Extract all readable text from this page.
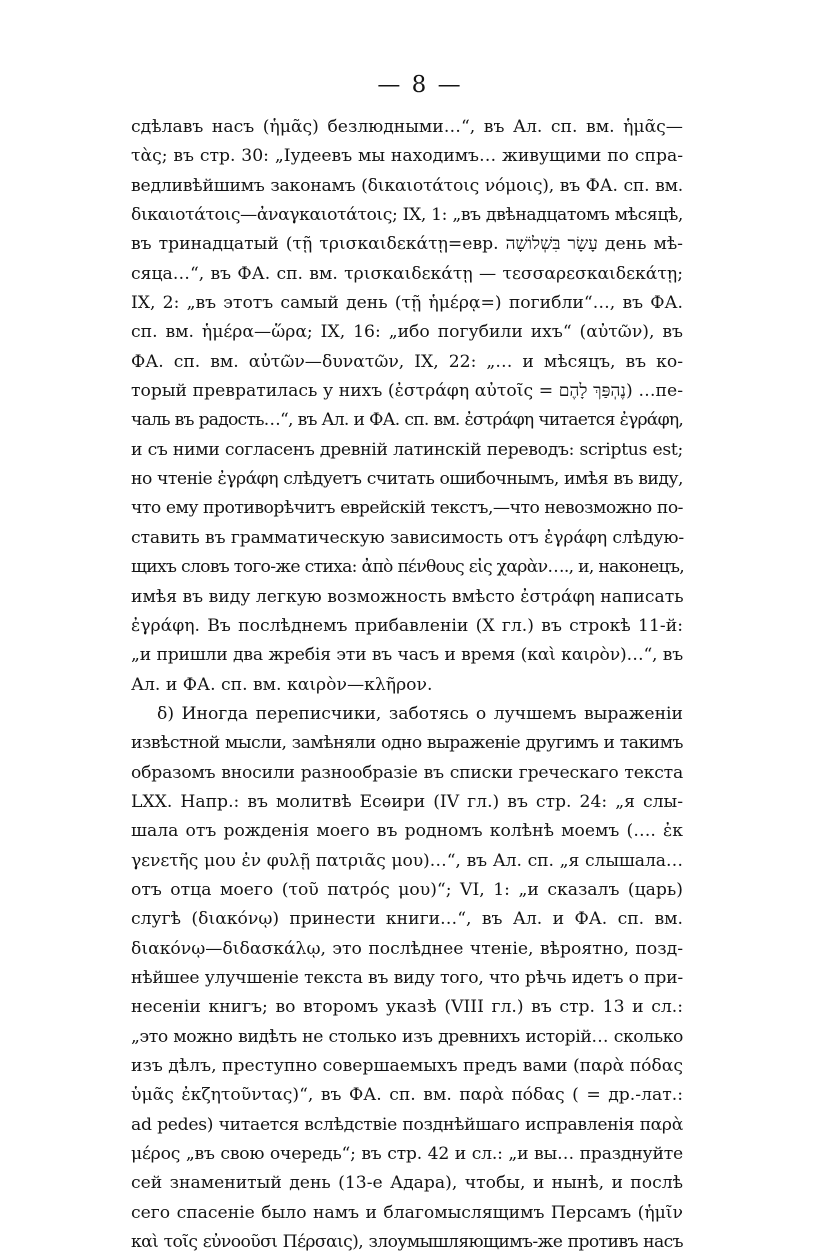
— 8 —
сдѣлавъ насъ (ἡμᾶς) безлюдными…“, въ Ал. сп. вм. ἡμᾶς—
τὰς; въ стр. 30: „Іудеевъ мы находимъ… живущими по спра-
ведливѣйшимъ законамъ (δικαιοτάτοις νόμοις), въ ФА. сп. вм.
δικαιοτάτοις—ἀναγκαιοτάτοις; IX, 1: „въ двѣнадцатомъ мѣсяцѣ,
въ тринадцатый (τῇ τρισκαιδεκάτῃ=евр. עָשָׂר בִּשְׁלוֹשָׁה день мѣ-
сяца…“, въ ФА. сп. вм. τρισκαιδεκάτῃ — τεσσαρεσκαιδεκάτῃ;
IX, 2: „въ этотъ самый день (τῇ ἡμέρᾳ=) погибли“…, въ ФА.
сп. вм. ἡμέρα—ὥρα; IX, 16: „ибо погубили ихъ“ (αὐτῶν), въ
ФА. сп. вм. αὐτῶν—δυνατῶν, IX, 22: „… и мѣсяцъ, въ ко-
торый превратилась у нихъ (ἐστράφη αὐτοῖς = נֶהְפַּךְ לָהֶם) …пе-
чаль въ радость…“, въ Ал. и ФА. сп. вм. ἐστράφη читается ἐγράφη,
и съ ними согласенъ древній латинскій переводъ: scriptus est;
но чтеніе ἐγράφη слѣдуетъ считать ошибочнымъ, имѣя въ виду,
что ему противорѣчитъ еврейскій текстъ,—что невозможно по-
ставить въ грамматическую зависимость отъ ἐγράφη слѣдую-
щихъ словъ того-же стиха: ἀπὸ πένθους εἰς χαρὰν…., и, наконецъ,
имѣя въ виду легкую возможность вмѣсто ἐστράφη написать
ἐγράφη. Въ послѣднемъ прибавленіи (X гл.) въ строкѣ 11-й:
„и пришли два жребія эти въ часъ и время (καὶ καιρὸν)…“, въ
Ал. и ФА. сп. вм. καιρὸν—κλῆρον.
δ) Иногда переписчики, заботясь о лучшемъ выраженіи
извѣстной мысли, замѣняли одно выраженіе другимъ и такимъ
образомъ вносили разнообразіе въ списки греческаго текста
LXX. Напр.: въ молитвѣ Есѳири (IV гл.) въ стр. 24: „я слы-
шала отъ рожденія моего въ родномъ колѣнѣ моемъ (…. ἐκ
γενετῆς μου ἐν φυλῇ πατριᾶς μου)…“, въ Ал. сп. „я слышала…
отъ отца моего (τοῦ πατρός μου)“; VI, 1: „и сказалъ (царь)
слугѣ (διακόνῳ) принести книги…“, въ Ал. и ФА. сп. вм.
διακόνῳ—διδασκάλῳ, это послѣднее чтеніе, вѣроятно, позд-
нѣйшее улучшеніе текста въ виду того, что рѣчь идетъ о при-
несеніи книгъ; во второмъ указѣ (VIII гл.) въ стр. 13 и сл.:
„это можно видѣть не столько изъ древнихъ исторій… сколько
изъ дѣлъ, преступно совершаемыхъ предъ вами (παρὰ πόδας
ὑμᾶς ἐκζητοῦντας)“, въ ФА. сп. вм. παρὰ πόδας ( = др.-лат.:
ad pedes) читается вслѣдствіе позднѣйшаго исправленія παρὰ
μέρος „въ свою очередь“; въ стр. 42 и сл.: „и вы… празднуйте
сей знаменитый день (13-е Адара), чтобы, и нынѣ, и послѣ
сего спасеніе было намъ и благомыслящимъ Персамъ (ἡμῖν
καὶ τοῖς εὐνοοῦσι Πέρσαις), злоумышляющимъ-же противъ насъ
